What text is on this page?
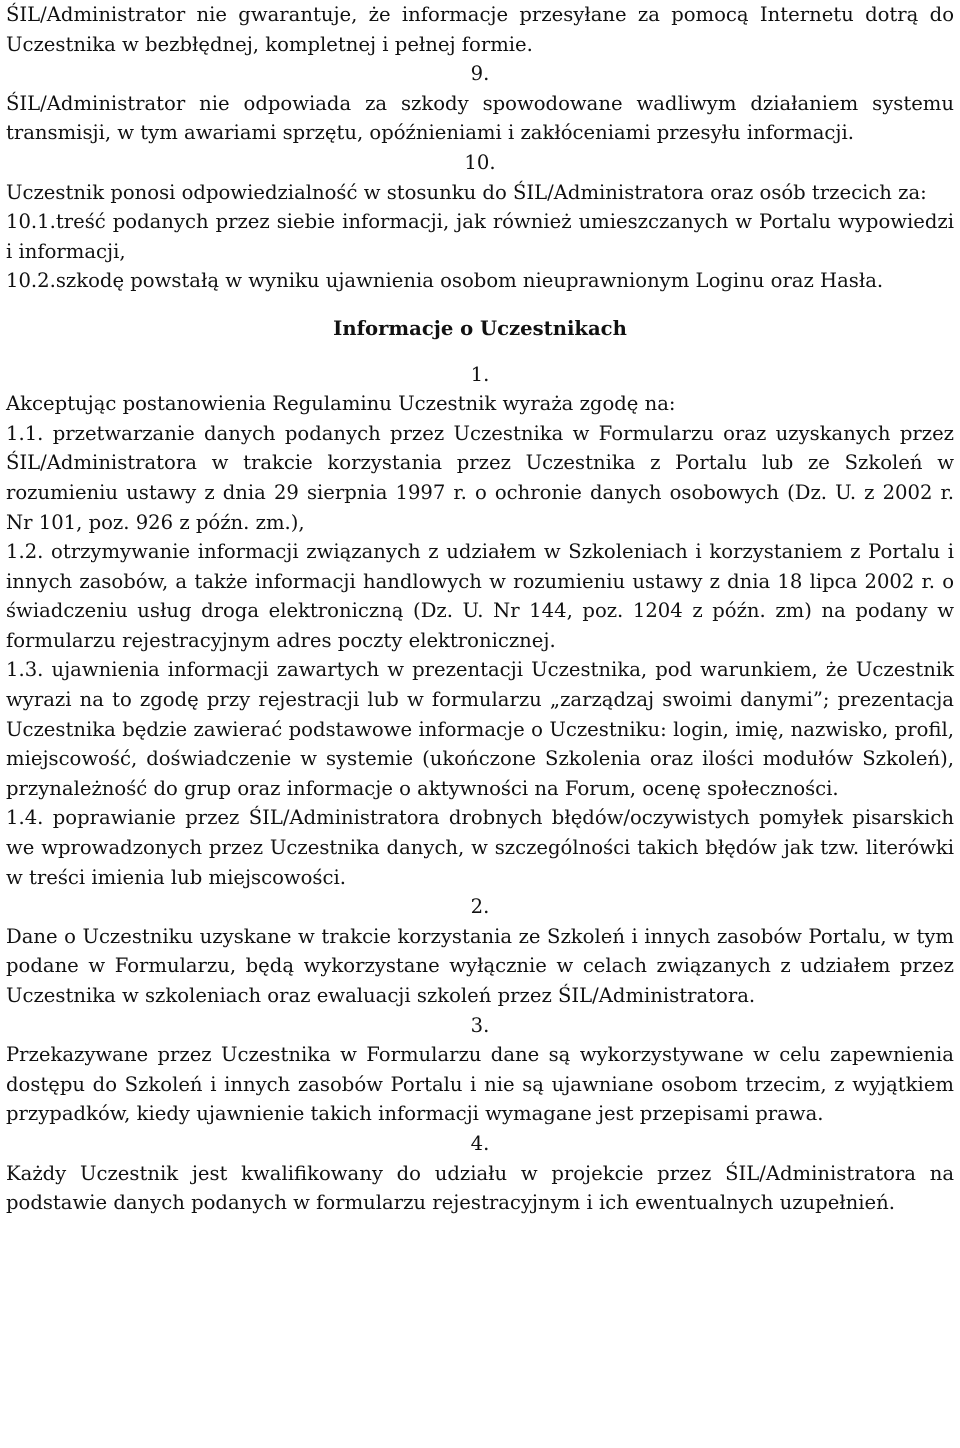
ŚIL/Administrator nie gwarantuje, że informacje przesyłane za pomocą Internetu dotrą do Uczestnika w bezbłędnej, kompletnej i pełnej formie.

9.

ŚIL/Administrator nie odpowiada za szkody spowodowane wadliwym działaniem systemu transmisji, w tym awariami sprzętu, opóźnieniami i zakłóceniami przesyłu informacji.

10.

Uczestnik ponosi odpowiedzialność w stosunku do ŚIL/Administratora oraz osób trzecich za:

10.1.treść podanych przez siebie informacji, jak również umieszczanych w Portalu wypowiedzi i informacji,

10.2.szkodę powstałą w wyniku ujawnienia osobom nieuprawnionym Loginu oraz Hasła.

Informacje o Uczestnikach

1.

Akceptując postanowienia Regulaminu Uczestnik wyraża zgodę na:

1.1. przetwarzanie danych podanych przez Uczestnika w Formularzu oraz uzyskanych przez ŚIL/Administratora w trakcie korzystania przez Uczestnika z Portalu lub ze Szkoleń w rozumieniu ustawy z dnia 29 sierpnia 1997 r. o ochronie danych osobowych (Dz. U. z 2002 r. Nr 101, poz. 926 z późn. zm.),

1.2. otrzymywanie informacji związanych z udziałem w Szkoleniach i korzystaniem z Portalu i innych zasobów, a także informacji handlowych w rozumieniu ustawy z dnia 18 lipca 2002 r. o świadczeniu usług droga elektroniczną (Dz. U. Nr 144, poz. 1204 z późn. zm) na podany w formularzu rejestracyjnym adres poczty elektronicznej.

1.3. ujawnienia informacji zawartych w prezentacji Uczestnika, pod warunkiem, że Uczestnik wyrazi na to zgodę przy rejestracji lub w formularzu „zarządzaj swoimi danymi”; prezentacja Uczestnika będzie zawierać podstawowe informacje o Uczestniku: login, imię, nazwisko, profil, miejscowość, doświadczenie w systemie (ukończone Szkolenia oraz ilości modułów Szkoleń), przynależność do grup oraz informacje o aktywności na Forum, ocenę społeczności.

1.4. poprawianie przez ŚIL/Administratora drobnych błędów/oczywistych pomyłek pisarskich we wprowadzonych przez Uczestnika danych, w szczególności takich błędów jak tzw. literówki w treści imienia lub miejscowości.

2.

Dane o Uczestniku uzyskane w trakcie korzystania ze Szkoleń i innych zasobów Portalu, w tym podane w Formularzu, będą wykorzystane wyłącznie w celach związanych z udziałem przez Uczestnika w szkoleniach oraz ewaluacji szkoleń przez ŚIL/Administratora.

3.

Przekazywane przez Uczestnika w Formularzu dane są wykorzystywane w celu zapewnienia dostępu do Szkoleń i innych zasobów Portalu i nie są ujawniane osobom trzecim, z wyjątkiem przypadków, kiedy ujawnienie takich informacji wymagane jest przepisami prawa.

4.

Każdy Uczestnik jest kwalifikowany do udziału w projekcie przez ŚIL/Administratora na podstawie danych podanych w formularzu rejestracyjnym i ich ewentualnych uzupełnień.
